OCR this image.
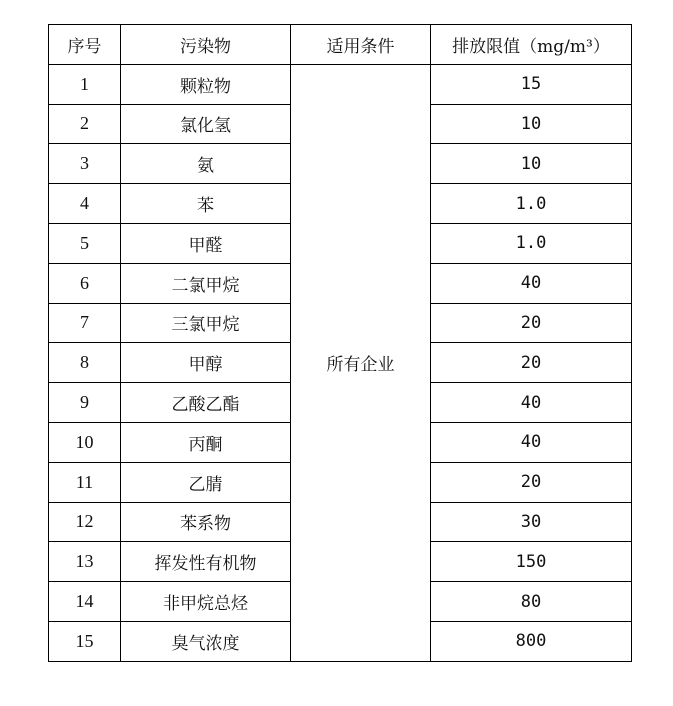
序号	污染物	适用条件	排放限值（mg/m³）
1	颗粒物	所有企业	15
2	氯化氢		10
3	氨		10
4	苯		1.0
5	甲醛		1.0
6	二氯甲烷		40
7	三氯甲烷		20
8	甲醇		20
9	乙酸乙酯		40
10	丙酮		40
11	乙腈		20
12	苯系物		30
13	挥发性有机物		150
14	非甲烷总烃		80
15	臭气浓度		800
